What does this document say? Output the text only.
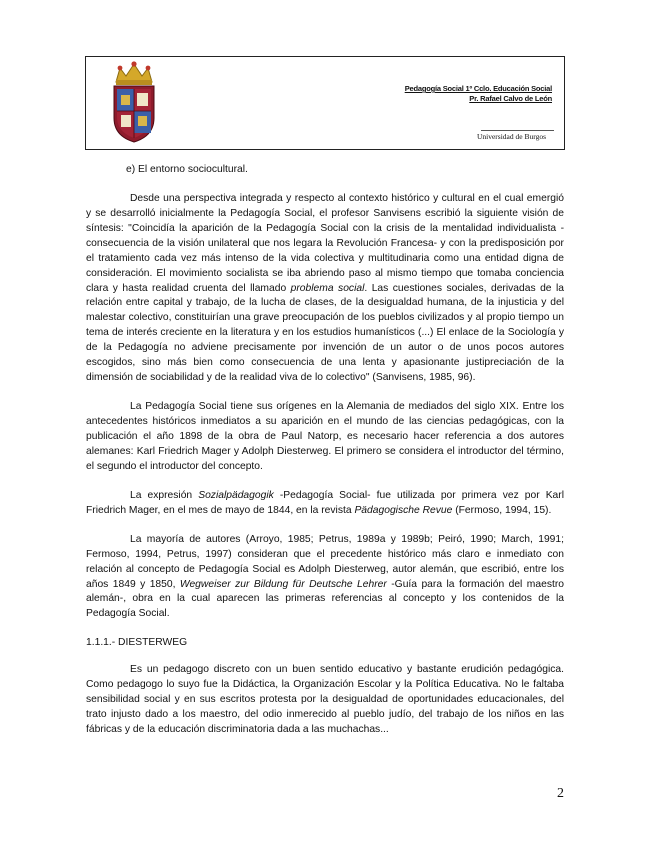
Pedagogía Social 1º Cclo. Educación Social
Pr. Rafael Calvo de León
Universidad de Burgos

e) El entorno sociocultural.

Desde una perspectiva integrada y respecto al contexto histórico y cultural en el cual emergió y se desarrolló inicialmente la Pedagogía Social, el profesor Sanvisens escribió la siguiente visión de síntesis: "Coincidía la aparición de la Pedagogía Social con la crisis de la mentalidad individualista -consecuencia de la visión unilateral que nos legara la Revolución Francesa- y con la predisposición por el tratamiento cada vez más intenso de la vida colectiva y multitudinaria como una entidad digna de consideración. El movimiento socialista se iba abriendo paso al mismo tiempo que tomaba conciencia clara y hasta realidad cruenta del llamado problema social. Las cuestiones sociales, derivadas de la relación entre capital y trabajo, de la lucha de clases, de la desigualdad humana, de la injusticia y del malestar colectivo, constituirían una grave preocupación de los pueblos civilizados y al propio tiempo un tema de interés creciente en la literatura y en los estudios humanísticos (...) El enlace de la Sociología y de la Pedagogía no adviene precisamente por invención de un autor o de unos pocos autores escogidos, sino más bien como consecuencia de una lenta y apasionante justipreciación de la dimensión de sociabilidad y de la realidad viva de lo colectivo" (Sanvisens, 1985, 96).

La Pedagogía Social tiene sus orígenes en la Alemania de mediados del siglo XIX. Entre los antecedentes históricos inmediatos a su aparición en el mundo de las ciencias pedagógicas, con la publicación el año 1898 de la obra de Paul Natorp, es necesario hacer referencia a dos autores alemanes: Karl Friedrich Mager y Adolph Diesterweg. El primero se considera el introductor del término, el segundo el introductor del concepto.

La expresión Sozialpädagogik -Pedagogía Social- fue utilizada por primera vez por Karl Friedrich Mager, en el mes de mayo de 1844, en la revista Pädagogische Revue (Fermoso, 1994, 15).

La mayoría de autores (Arroyo, 1985; Petrus, 1989a y 1989b; Peiró, 1990; March, 1991; Fermoso, 1994, Petrus, 1997) consideran que el precedente histórico más claro e inmediato con relación al concepto de Pedagogía Social es Adolph Diesterweg, autor alemán, que escribió, entre los años 1849 y 1850, Wegweiser zur Bildung für Deutsche Lehrer -Guía para la formación del maestro alemán-, obra en la cual aparecen las primeras referencias al concepto y los contenidos de la Pedagogía Social.

1.1.1.- DIESTERWEG

Es un pedagogo discreto con un buen sentido educativo y bastante erudición pedagógica. Como pedagogo lo suyo fue la Didáctica, la Organización Escolar y la Política Educativa. No le faltaba sensibilidad social y en sus escritos protesta por la desigualdad de oportunidades educacionales, del trato injusto dado a los maestro, del odio inmerecido al pueblo judío, del trabajo de los niños en las fábricas y de la educación discriminatoria dada a las muchachas...

2
